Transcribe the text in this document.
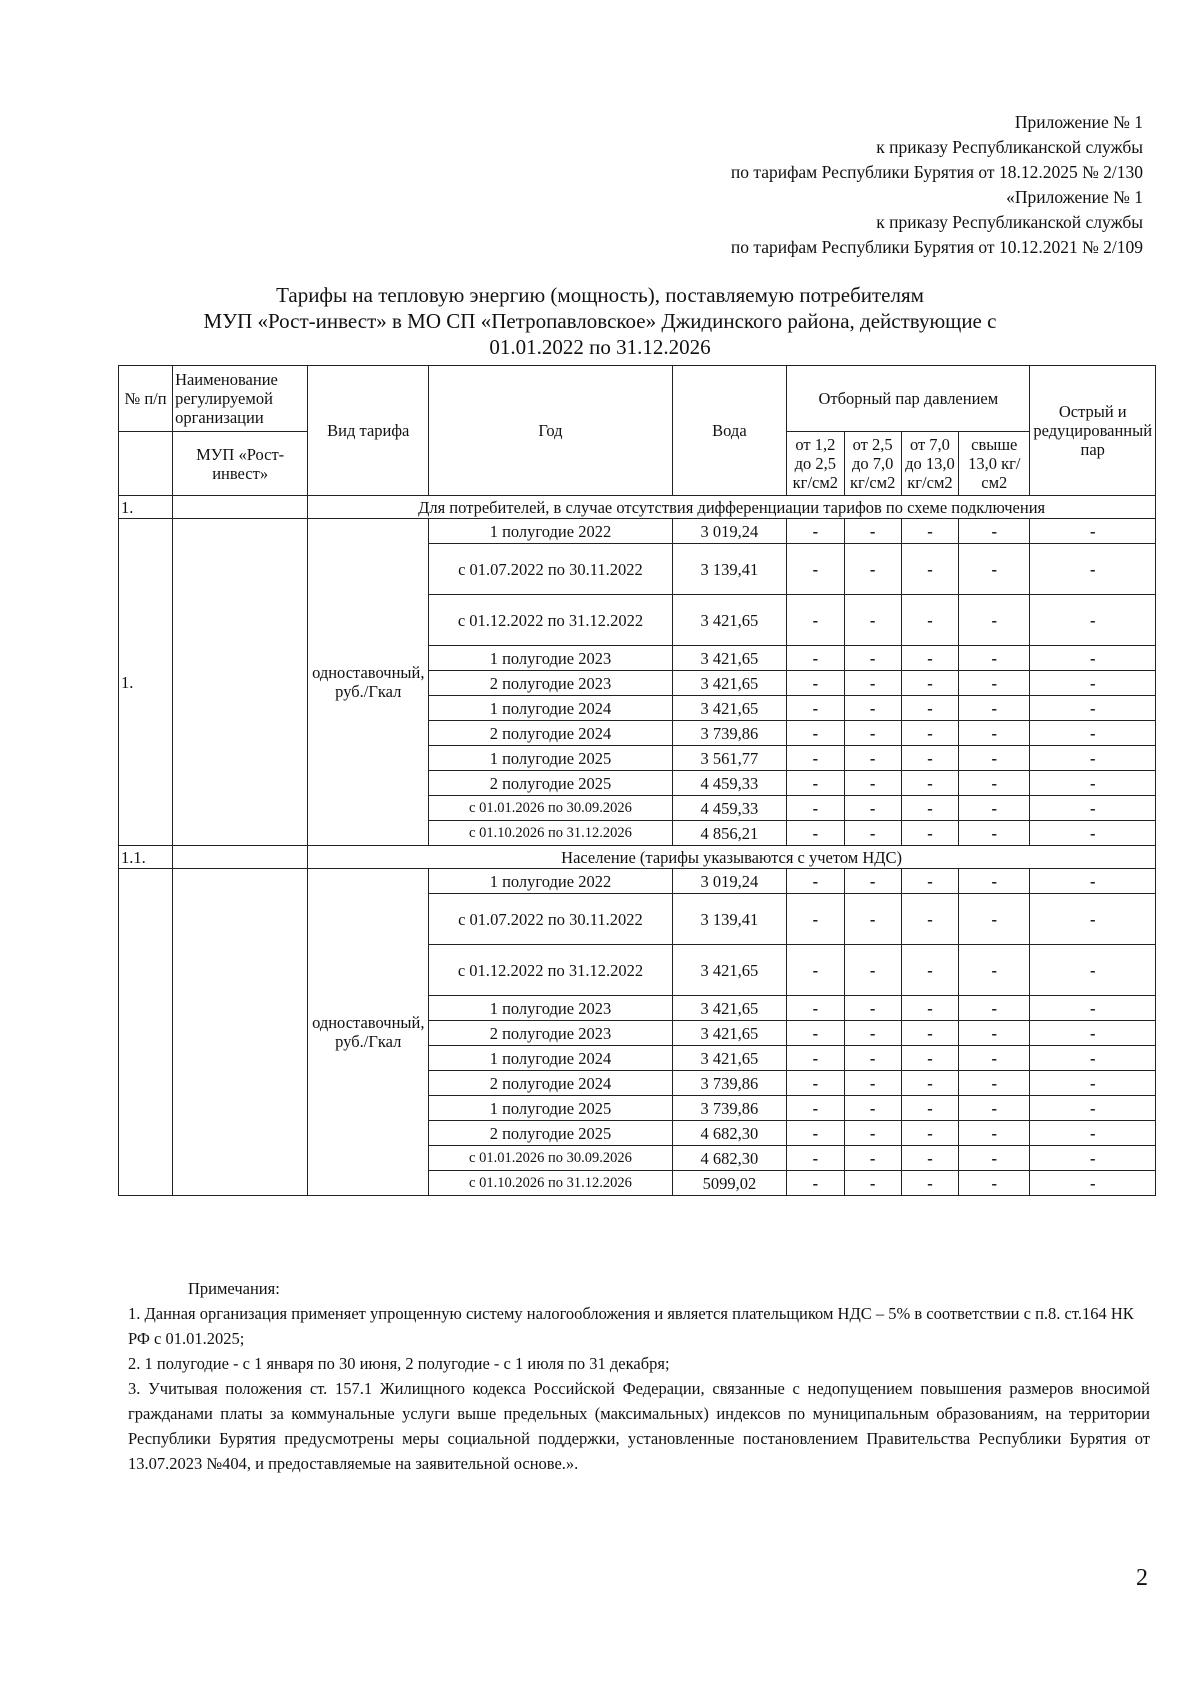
Приложение № 1
к приказу Республиканской службы
по тарифам Республики Бурятия от 18.12.2025 № 2/130
«Приложение № 1
к приказу Республиканской службы
по тарифам Республики Бурятия от 10.12.2021 № 2/109
Тарифы на тепловую энергию (мощность), поставляемую потребителям
МУП «Рост-инвест» в МО СП «Петропавловское» Джидинского района, действующие с
01.01.2022 по 31.12.2026
№ п/п	Наименование регулируемой организации	Вид тарифа	Год	Вода	Отборный пар давлением				Острый и редуцированный пар
	МУП «Рост-инвест»				от 1,2 до 2,5 кг/см2	от 2,5 до 7,0 кг/см2	от 7,0 до 13,0 кг/см2	свыше 13,0 кг/см2	
1.		Для потребителей, в случае отсутствия дифференциации тарифов по схеме подключения							
1.		одноставочный, руб./Гкал	1 полугодие 2022	3 019,24	-	-	-	-	-
			с 01.07.2022 по 30.11.2022	3 139,41	-	-	-	-	-
			с 01.12.2022 по 31.12.2022	3 421,65	-	-	-	-	-
			1 полугодие 2023	3 421,65	-	-	-	-	-
			2 полугодие 2023	3 421,65	-	-	-	-	-
			1 полугодие 2024	3 421,65	-	-	-	-	-
			2 полугодие 2024	3 739,86	-	-	-	-	-
			1 полугодие 2025	3 561,77	-	-	-	-	-
			2 полугодие 2025	4 459,33	-	-	-	-	-
			с 01.01.2026 по 30.09.2026	4 459,33	-	-	-	-	-
			с 01.10.2026 по 31.12.2026	4 856,21	-	-	-	-	-
1.1.		Население (тарифы указываются с учетом НДС)							
		одноставочный, руб./Гкал	1 полугодие 2022	3 019,24	-	-	-	-	-
			с 01.07.2022 по 30.11.2022	3 139,41	-	-	-	-	-
			с 01.12.2022 по 31.12.2022	3 421,65	-	-	-	-	-
			1 полугодие 2023	3 421,65	-	-	-	-	-
			2 полугодие 2023	3 421,65	-	-	-	-	-
			1 полугодие 2024	3 421,65	-	-	-	-	-
			2 полугодие 2024	3 739,86	-	-	-	-	-
			1 полугодие 2025	3 739,86	-	-	-	-	-
			2 полугодие 2025	4 682,30	-	-	-	-	-
			с 01.01.2026 по 30.09.2026	4 682,30	-	-	-	-	-
			с 01.10.2026 по 31.12.2026	5099,02	-	-	-	-	-

Примечания:

1. Данная организация применяет упрощенную систему налогообложения и является плательщиком НДС – 5% в соответствии с п.8. ст.164 НК РФ с 01.01.2025;

2. 1 полугодие - с 1 января по 30 июня, 2 полугодие - с 1 июля по 31 декабря;

3. Учитывая положения ст. 157.1 Жилищного кодекса Российской Федерации, связанные с недопущением повышения размеров вносимой гражданами платы за коммунальные услуги выше предельных (максимальных) индексов по муниципальным образованиям, на территории Республики Бурятия предусмотрены меры социальной поддержки, установленные постановлением Правительства Республики Бурятия от 13.07.2023 №404, и предоставляемые на заявительной основе.».

2
